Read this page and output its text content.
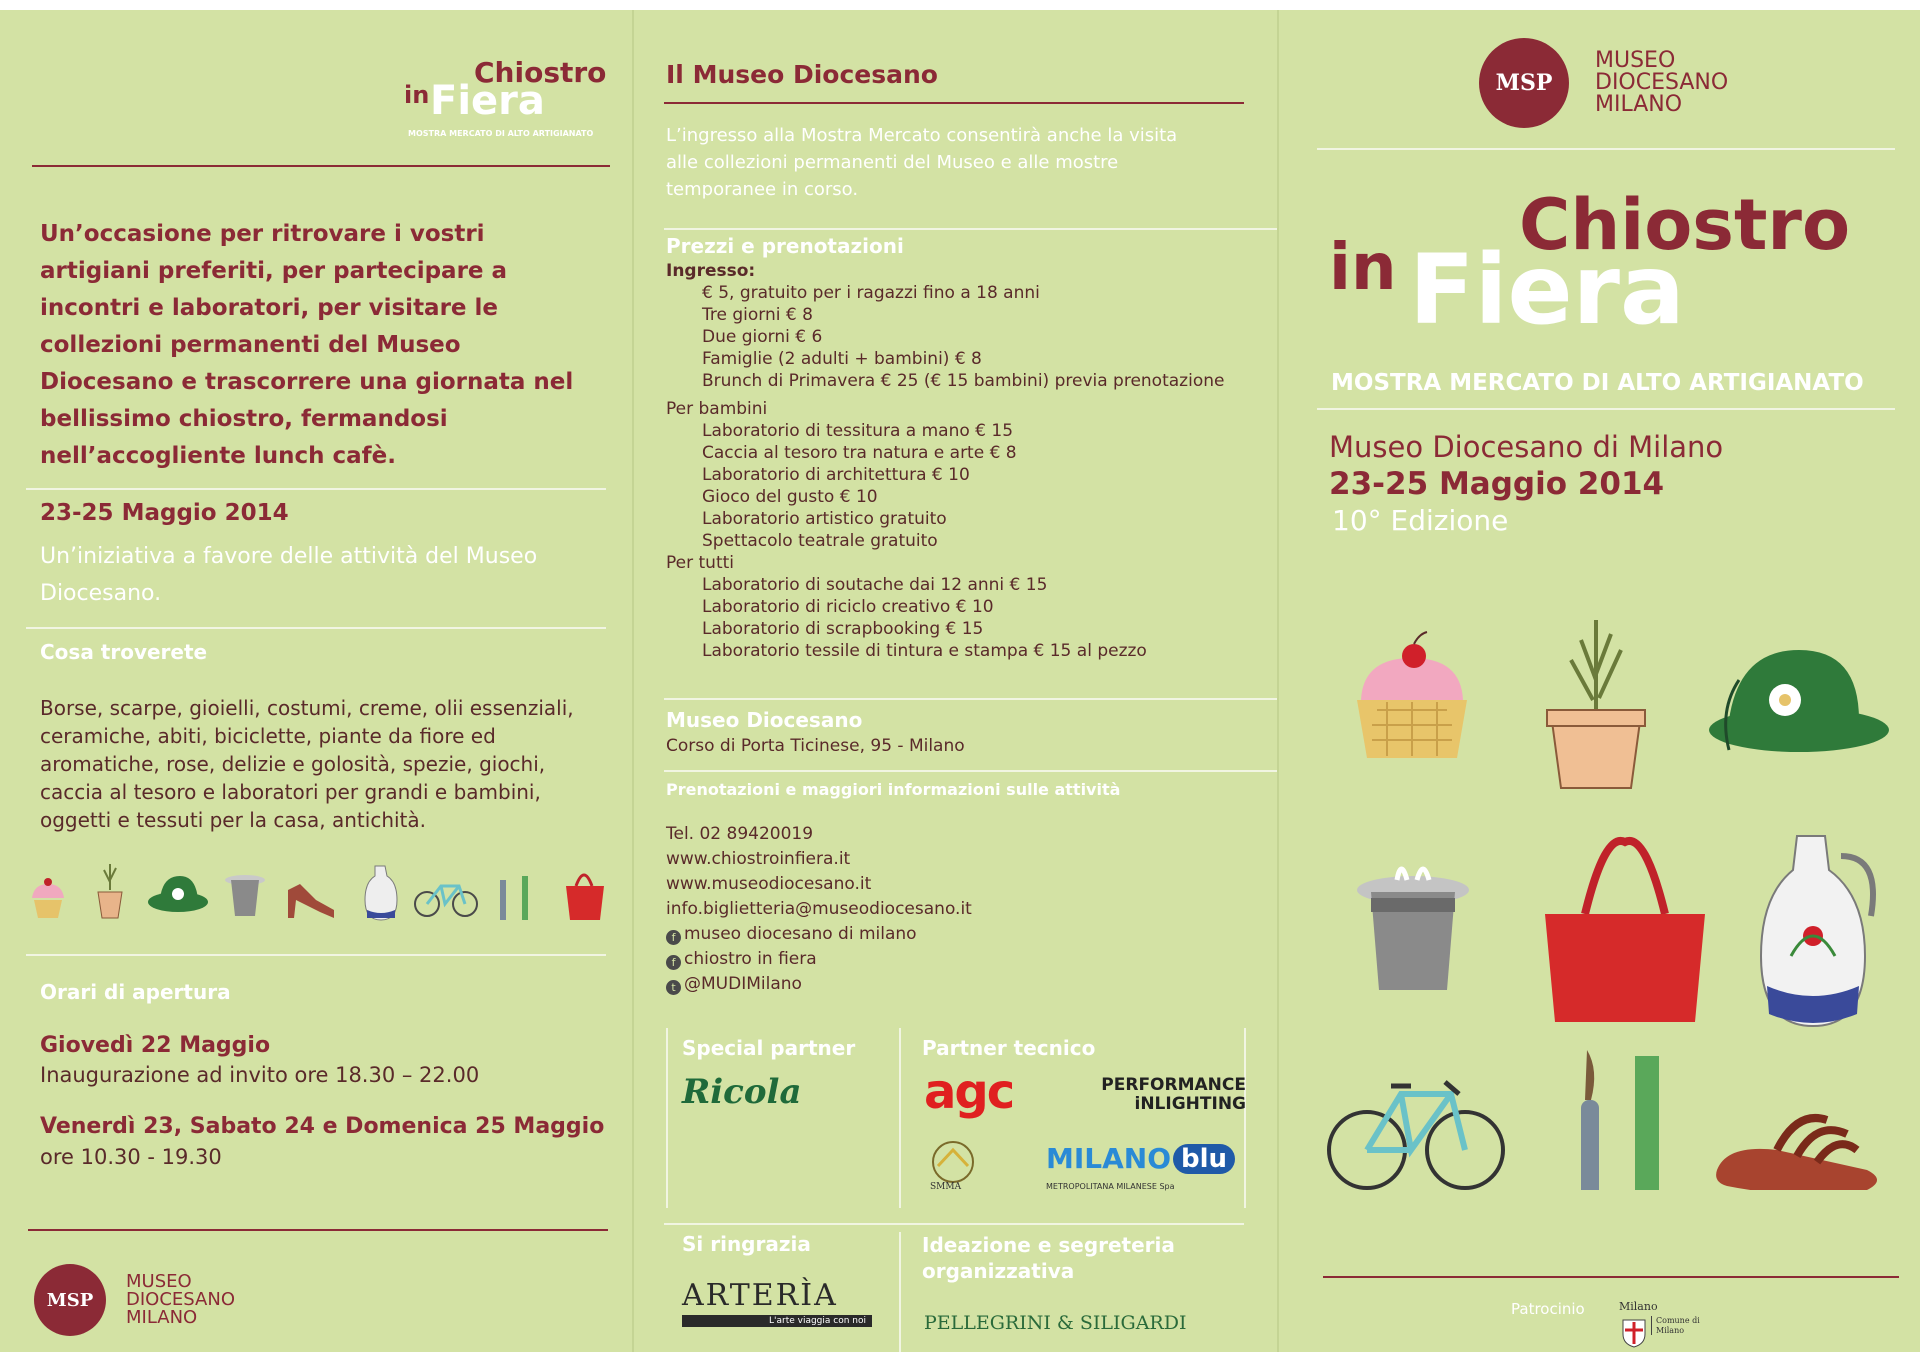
in
Chiostro
Fiera
MOSTRA MERCATO DI ALTO ARTIGIANATO
Un’occasione per ritrovare i vostri artigiani preferiti, per partecipare a incontri e laboratori, per visitare le collezioni permanenti del Museo Diocesano e trascorrere una giornata nel bellissimo chiostro, fermandosi nell’accogliente lunch cafè.
23-25 Maggio 2014
Un’iniziativa a favore delle attività del Museo Diocesano.
Cosa troverete
Borse, scarpe, gioielli, costumi, creme, olii essenziali, ceramiche, abiti, biciclette, piante da fiore ed aromatiche, rose, delizie e golosità, spezie, giochi, caccia al tesoro e laboratori per grandi e bambini, oggetti e tessuti per la casa, antichità.
Orari di apertura
Giovedì 22 Maggio
Inaugurazione ad invito ore 18.30 – 22.00
Venerdì 23, Sabato 24 e Domenica 25 Maggio
ore 10.30 - 19.30
MSP
MUSEO
DIOCESANO
MILANO
Il Museo Diocesano
L’ingresso alla Mostra Mercato consentirà anche la visita alle collezioni permanenti del Museo e alle mostre temporanee in corso.
Prezzi e prenotazioni
Ingresso:
€ 5, gratuito per i ragazzi fino a 18 anni
Tre giorni € 8
Due giorni € 6
Famiglie (2 adulti + bambini) € 8
Brunch di Primavera € 25 (€ 15 bambini) previa prenotazione
Per bambini
Laboratorio di tessitura a mano € 15
Caccia al tesoro tra natura e arte € 8
Laboratorio di architettura € 10
Gioco del gusto € 10
Laboratorio artistico gratuito
Spettacolo teatrale gratuito
Per tutti
Laboratorio di soutache dai 12 anni € 15
Laboratorio di riciclo creativo € 10
Laboratorio di scrapbooking € 15
Laboratorio tessile di tintura e stampa € 15 al pezzo
Museo Diocesano
Corso di Porta Ticinese, 95 - Milano
Prenotazioni e maggiori informazioni sulle attività
Tel. 02 89420019
www.chiostroinfiera.it
www.museodiocesano.it
info.biglietteria@museodiocesano.it
f museo diocesano di milano
f chiostro in fiera
t @MUDIMilano
Special partner
Ricola
Partner tecnico
agc	PERFORMANCE
iNLIGHTING
SMMA
MILANO blu
METROPOLITANA MILANESE Spa
Si ringrazia
ARTERÌA
L'arte viaggia con noi
Ideazione e segreteria organizzativa
PELLEGRINI & SILIGARDI
MSP
MUSEO
DIOCESANO
MILANO
in
Chiostro
Fiera
MOSTRA MERCATO DI ALTO ARTIGIANATO
Museo Diocesano di Milano
23-25 Maggio 2014
10° Edizione
Patrocinio	Milano
Comune di Milano
